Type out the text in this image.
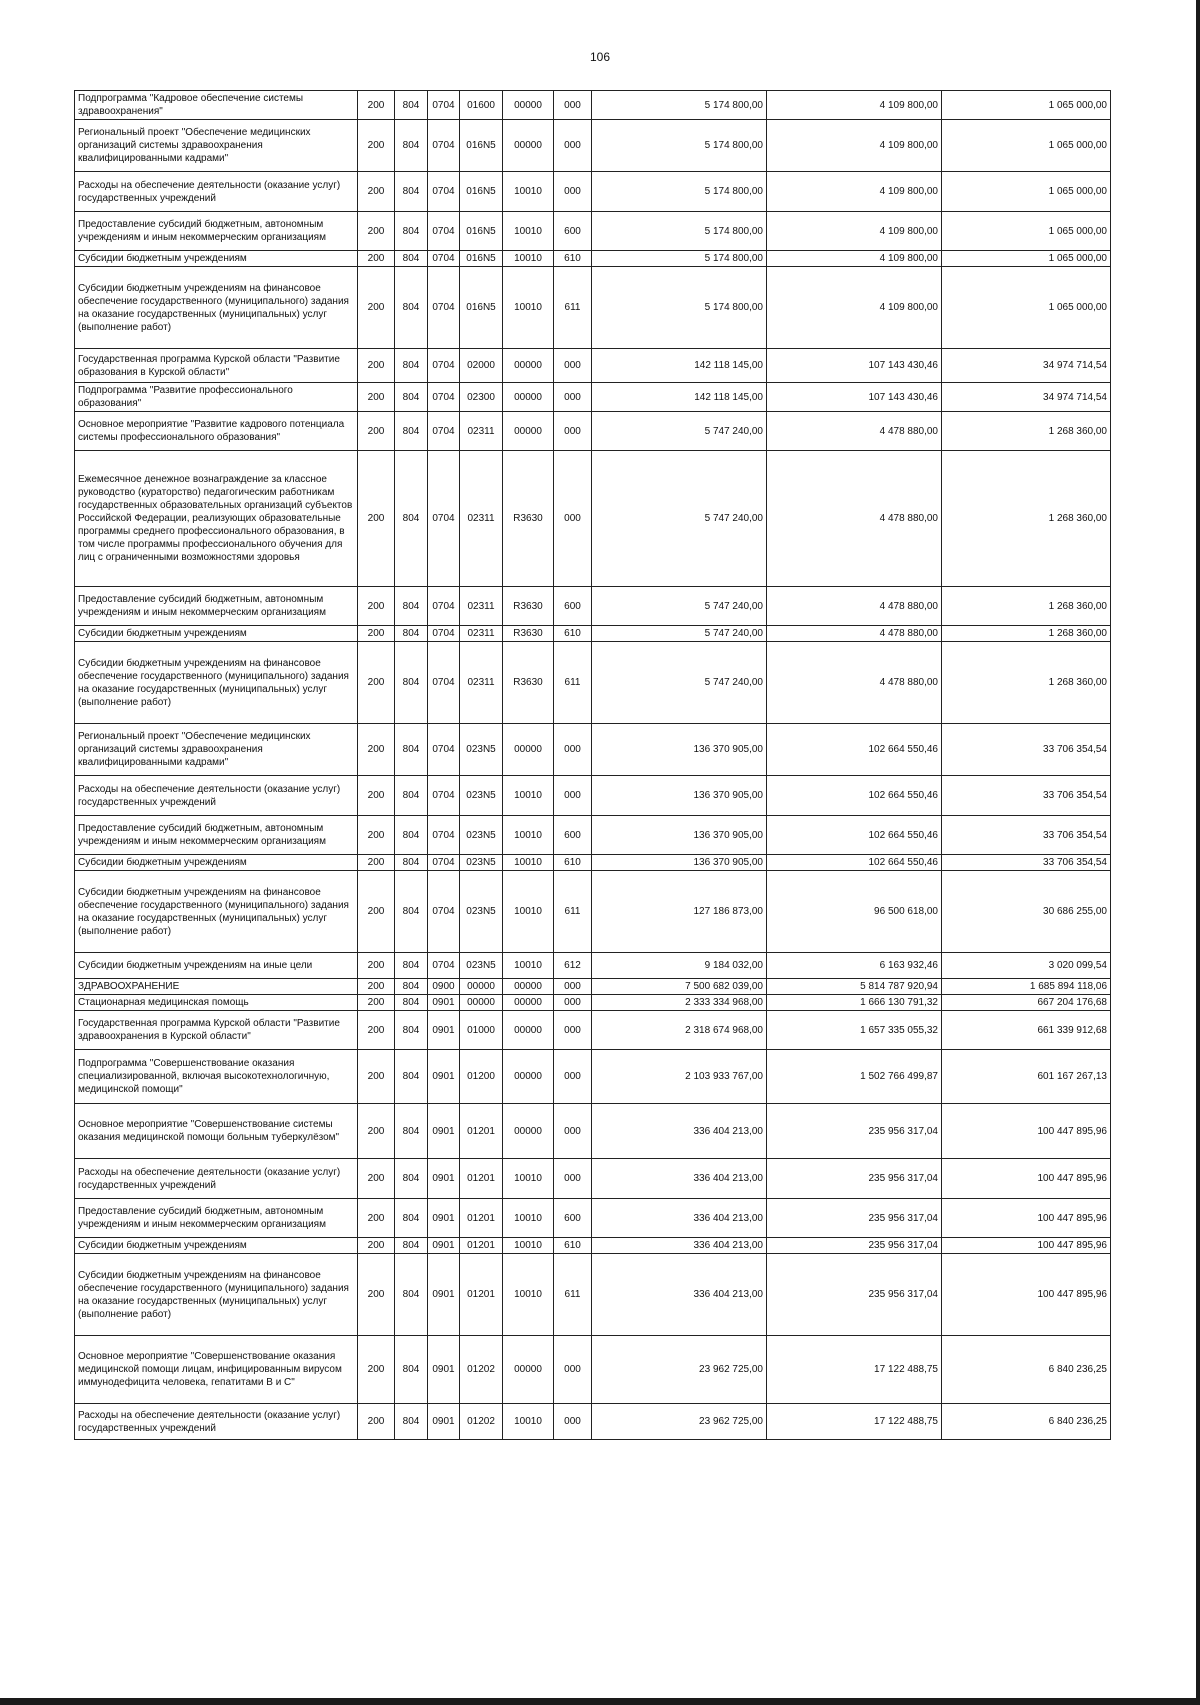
106
Подпрограмма "Кадровое обеспечение системы здравоохранения"	200	804	0704	01600	00000	000	5 174 800,00	4 109 800,00	1 065 000,00
Региональный проект "Обеспечение медицинских организаций системы здравоохранения квалифицированными кадрами"	200	804	0704	016N5	00000	000	5 174 800,00	4 109 800,00	1 065 000,00
Расходы на обеспечение деятельности (оказание услуг) государственных учреждений	200	804	0704	016N5	10010	000	5 174 800,00	4 109 800,00	1 065 000,00
Предоставление субсидий бюджетным, автономным учреждениям и иным некоммерческим организациям	200	804	0704	016N5	10010	600	5 174 800,00	4 109 800,00	1 065 000,00
Субсидии бюджетным учреждениям	200	804	0704	016N5	10010	610	5 174 800,00	4 109 800,00	1 065 000,00
Субсидии бюджетным учреждениям на финансовое обеспечение государственного (муниципального) задания на оказание государственных (муниципальных) услуг (выполнение работ)	200	804	0704	016N5	10010	611	5 174 800,00	4 109 800,00	1 065 000,00
Государственная программа Курской области "Развитие образования в Курской области"	200	804	0704	02000	00000	000	142 118 145,00	107 143 430,46	34 974 714,54
Подпрограмма "Развитие профессионального образования"	200	804	0704	02300	00000	000	142 118 145,00	107 143 430,46	34 974 714,54
Основное мероприятие "Развитие кадрового потенциала системы профессионального образования"	200	804	0704	02311	00000	000	5 747 240,00	4 478 880,00	1 268 360,00
Ежемесячное денежное вознаграждение за классное руководство (кураторство) педагогическим работникам государственных образовательных организаций субъектов Российской Федерации, реализующих образовательные программы среднего профессионального образования, в том числе программы профессионального обучения для лиц с ограниченными возможностями здоровья	200	804	0704	02311	R3630	000	5 747 240,00	4 478 880,00	1 268 360,00
Предоставление субсидий бюджетным, автономным учреждениям и иным некоммерческим организациям	200	804	0704	02311	R3630	600	5 747 240,00	4 478 880,00	1 268 360,00
Субсидии бюджетным учреждениям	200	804	0704	02311	R3630	610	5 747 240,00	4 478 880,00	1 268 360,00
Субсидии бюджетным учреждениям на финансовое обеспечение государственного (муниципального) задания на оказание государственных (муниципальных) услуг (выполнение работ)	200	804	0704	02311	R3630	611	5 747 240,00	4 478 880,00	1 268 360,00
Региональный проект "Обеспечение медицинских организаций системы здравоохранения квалифицированными кадрами"	200	804	0704	023N5	00000	000	136 370 905,00	102 664 550,46	33 706 354,54
Расходы на обеспечение деятельности (оказание услуг) государственных учреждений	200	804	0704	023N5	10010	000	136 370 905,00	102 664 550,46	33 706 354,54
Предоставление субсидий бюджетным, автономным учреждениям и иным некоммерческим организациям	200	804	0704	023N5	10010	600	136 370 905,00	102 664 550,46	33 706 354,54
Субсидии бюджетным учреждениям	200	804	0704	023N5	10010	610	136 370 905,00	102 664 550,46	33 706 354,54
Субсидии бюджетным учреждениям на финансовое обеспечение государственного (муниципального) задания на оказание государственных (муниципальных) услуг (выполнение работ)	200	804	0704	023N5	10010	611	127 186 873,00	96 500 618,00	30 686 255,00
Субсидии бюджетным учреждениям на иные цели	200	804	0704	023N5	10010	612	9 184 032,00	6 163 932,46	3 020 099,54
ЗДРАВООХРАНЕНИЕ	200	804	0900	00000	00000	000	7 500 682 039,00	5 814 787 920,94	1 685 894 118,06
Стационарная медицинская помощь	200	804	0901	00000	00000	000	2 333 334 968,00	1 666 130 791,32	667 204 176,68
Государственная программа Курской области "Развитие здравоохранения в Курской области"	200	804	0901	01000	00000	000	2 318 674 968,00	1 657 335 055,32	661 339 912,68
Подпрограмма "Совершенствование оказания специализированной, включая высокотехнологичную, медицинской помощи"	200	804	0901	01200	00000	000	2 103 933 767,00	1 502 766 499,87	601 167 267,13
Основное мероприятие "Совершенствование системы оказания медицинской помощи больным туберкулёзом"	200	804	0901	01201	00000	000	336 404 213,00	235 956 317,04	100 447 895,96
Расходы на обеспечение деятельности (оказание услуг) государственных учреждений	200	804	0901	01201	10010	000	336 404 213,00	235 956 317,04	100 447 895,96
Предоставление субсидий бюджетным, автономным учреждениям и иным некоммерческим организациям	200	804	0901	01201	10010	600	336 404 213,00	235 956 317,04	100 447 895,96
Субсидии бюджетным учреждениям	200	804	0901	01201	10010	610	336 404 213,00	235 956 317,04	100 447 895,96
Субсидии бюджетным учреждениям на финансовое обеспечение государственного (муниципального) задания на оказание государственных (муниципальных) услуг (выполнение работ)	200	804	0901	01201	10010	611	336 404 213,00	235 956 317,04	100 447 895,96
Основное мероприятие "Совершенствование оказания медицинской помощи лицам, инфицированным вирусом иммунодефицита человека, гепатитами В и С"	200	804	0901	01202	00000	000	23 962 725,00	17 122 488,75	6 840 236,25
Расходы на обеспечение деятельности (оказание услуг) государственных учреждений	200	804	0901	01202	10010	000	23 962 725,00	17 122 488,75	6 840 236,25
